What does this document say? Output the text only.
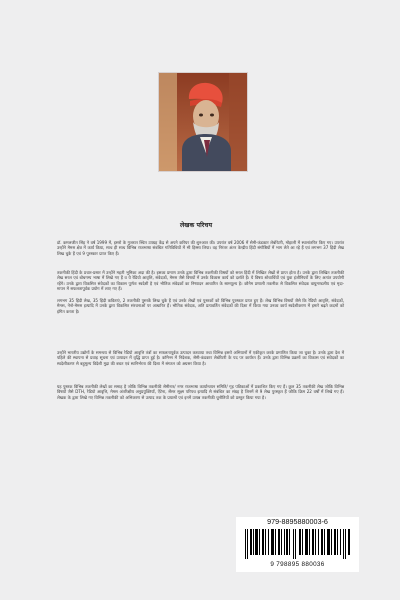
लेखक परिचय

डॉ. कमलजीत सिंह ने वर्ष 1999 में, इसरो के गुजरात स्थित उपग्रह केंद्र से अपने करियर की शुरुआत की। उपरांत वर्ष 2006 में सेमी-कंडक्टर लेबोरेटरी, मोहाली में स्थानांतरित किए गए। उपरांत उन्होंने मेमस क्षेत्र में कार्य किया, साथ ही साथ विभिन्न राजभाषा संबंधित गतिविधियों में भी हिस्सा लिया। वह निरंतर अंतर केन्द्रीय हिंदी संगोष्ठियों में भाग लेते आ रहे हैं एवं लगभग 37 हिंदी लेख लिख चुके हैं एवं 9 पुरस्कार प्राप्त किए हैं।

तकनीकी हिंदी के प्रचार-प्रसार में उन्होंने महती भूमिका अदा की है। इसका प्रमाण उनके द्वारा विभिन्न तकनीकी विषयों को सरल हिंदी में लिखित लेखों से प्राप्त होता है। उनके द्वारा लिखित तकनीकी लेख सरल एवं बोधगम्य भाषा में लिखे गए हैं व ये रेडियो आवृत्ति, संवेदकों, मेमस जैसे विषयों में उनके विकास कार्य को दर्शाते हैं। ये विषय शोधार्थियों एवं युवा इंजीनियरों के लिए अत्यंत उपयोगी रहेंगे। उनके द्वारा विकसित संवेदकों का विकास पूर्णतः स्वदेशी है एवं भौतिक संवेदकों का निष्पादन आधारित के सामयूल्य है। कौनेम प्रणाली तकनीक से विकसित संवेदक वायुमण्डलीय एवं मृदा-मापन में सफलतापूर्वक प्रयोग में लाए गए हैं।

लगभग 35 हिंदी लेख, 35 हिंदी कविताएं, 2 तकनीकी पुस्तकें लिख चुके हैं एवं उनके लेखों एवं पुस्तकों को विभिन्न पुरस्कार प्राप्त हुए हैं। लेख विभिन्न विषयों जैसे कि रेडियो आवृत्ति, संवेदकों, मेमस, नेनो-मेमस इत्यादि में उनके द्वारा विकसित संरचनाओं पर आधारित हैं। भौतिक संवेदक, अति प्रत्यवर्तित संवेदकों की दिशा में किया गया उनका कार्य स्वदेशीकरण में हमारे बढ़ते कदमों को इंगित करता है।

उन्होंने भारतीय उद्योगों के समन्वय से विभिन्न रेडियो आवृत्ति तंत्रों का सफलतापूर्वक उत्पादन करवाया तथा विभिन्न इसरो अभियानों में एकीकृत करके प्रमाणित किया जा चुका है। उनके द्वारा देश में पहिले की स्थापना से प्रवाह सूचना एवं उत्पादन में वृद्धि प्राप्त हुई है। कॉमेन्स में निदेशक, सेमी-कंडक्टर लेबोरेटरी के पद पर कार्यरत हैं। उनके द्वारा विभिन्न प्रक्रमों का विकास एवं संवेदकों का स्वदेशीकरण से बहुमूल्य विदेशी मुद्रा की बचत एवं स्वनिर्भरता की दिशा में संगठन को अग्रसर किया है।

यह पुस्तक विभिन्न तकनीकी लेखों का समाह है जोकि विभिन्न तकनीकी सेमीनार/ नगर राजभाषा कार्यान्वयन समिति/ गृह पत्रिकाओं में प्रकाशित किए गए हैं। कुल 35 तकनीकी लेख जोकि विभिन्न विषयों जैसे DTH, रेडियो आवृत्ति, मेमस अंतरिक्षीय अनुप्रयुक्तियाँ, ऐंटेना, सेंसर सूक्ष्म परिपथ इत्यादि से संबंधित का संग्रह है जिनमें से 9 लेख पुरस्कृत हैं जोकि क्रिम 22 वर्षों में लिखे गए हैं। लेखक के द्वारा लिखे गए विभिन्न तकनीकी को अभिकरण से उत्पाद तक के प्रयासों एवं इनमें उत्पन्न तकनीकी चुनौतियों को प्रस्तुत किया गया है।

979-8895880003-6
9 798895 880036
